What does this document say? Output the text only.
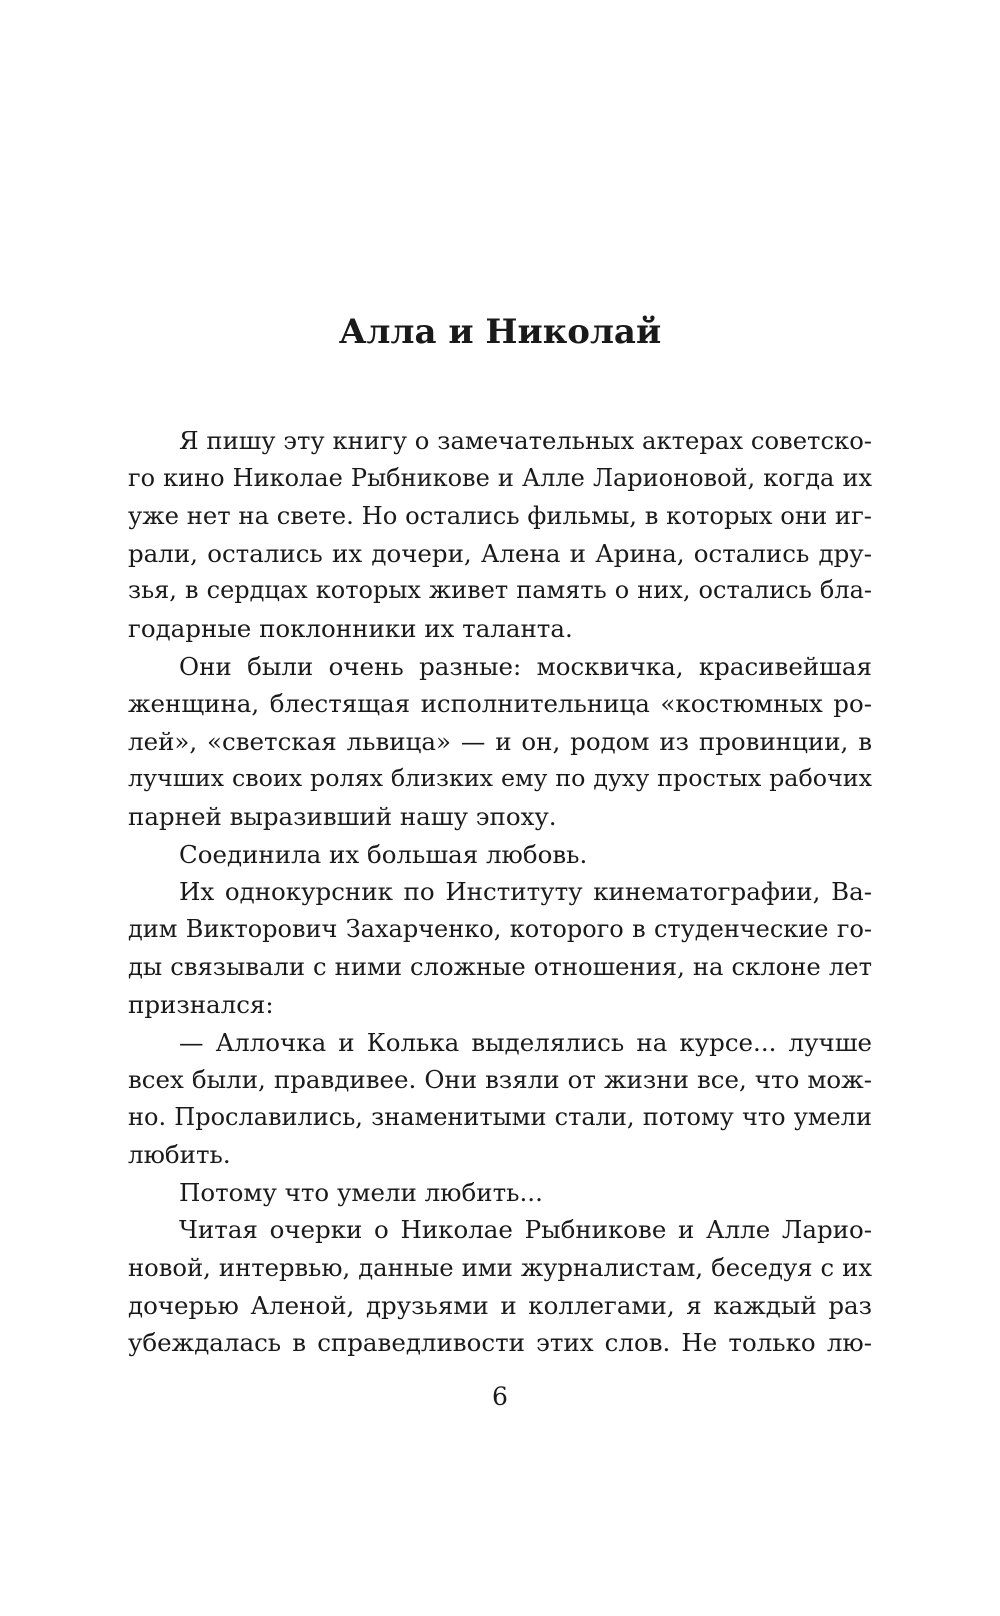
Алла и Николай
Я пишу эту книгу о замечательных актерах советско-
го кино Николае Рыбникове и Алле Ларионовой, когда их
уже нет на свете. Но остались фильмы, в которых они иг-
рали, остались их дочери, Алена и Арина, остались дру-
зья, в сердцах которых живет память о них, остались бла-
годарные поклонники их таланта.
Они были очень разные: москвичка, красивейшая
женщина, блестящая исполнительница «костюмных ро-
лей», «светская львица» — и он, родом из провинции, в
лучших своих ролях близких ему по духу простых рабочих
парней выразивший нашу эпоху.
Соединила их большая любовь.
Их однокурсник по Институту кинематографии, Ва-
дим Викторович Захарченко, которого в студенческие го-
ды связывали с ними сложные отношения, на склоне лет
признался:
— Аллочка и Колька выделялись на курсе... лучше
всех были, правдивее. Они взяли от жизни все, что мож-
но. Прославились, знаменитыми стали, потому что умели
любить.
Потому что умели любить...
Читая очерки о Николае Рыбникове и Алле Ларио-
новой, интервью, данные ими журналистам, беседуя с их
дочерью Аленой, друзьями и коллегами, я каждый раз
убеждалась в справедливости этих слов. Не только лю-
6
